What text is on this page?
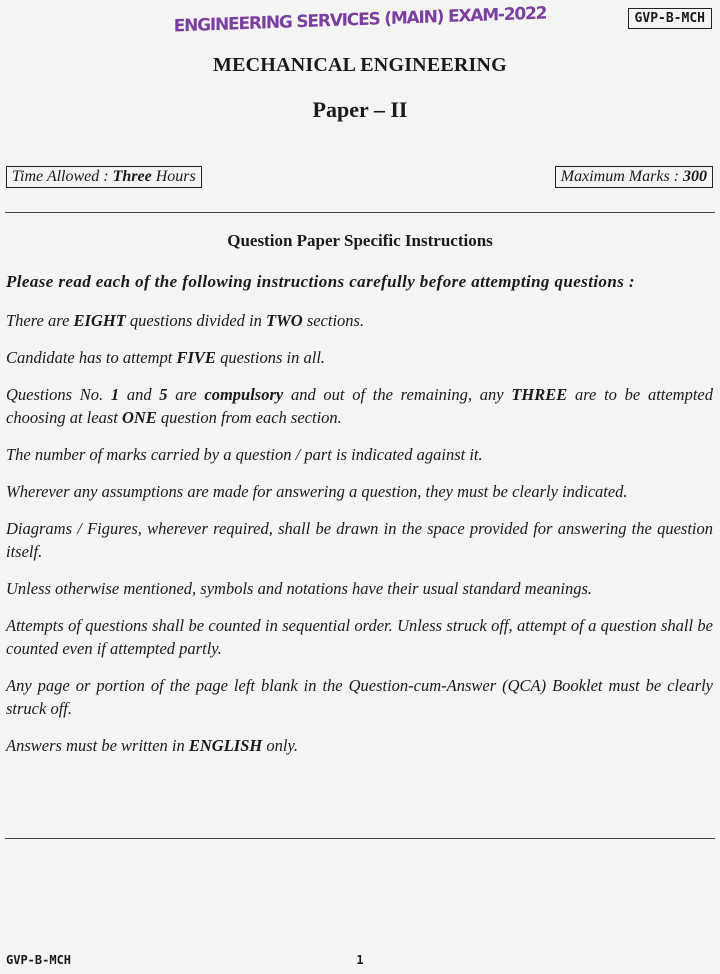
ENGINEERING SERVICES (MAIN) EXAM-2022	GVP-B-MCH
MECHANICAL ENGINEERING
Paper – II
Time Allowed : Three Hours	Maximum Marks : 300
Question Paper Specific Instructions

Please read each of the following instructions carefully before attempting questions :

There are EIGHT questions divided in TWO sections.

Candidate has to attempt FIVE questions in all.

Questions No. 1 and 5 are compulsory and out of the remaining, any THREE are to be attempted choosing at least ONE question from each section.

The number of marks carried by a question / part is indicated against it.

Wherever any assumptions are made for answering a question, they must be clearly indicated.

Diagrams / Figures, wherever required, shall be drawn in the space provided for answering the question itself.

Unless otherwise mentioned, symbols and notations have their usual standard meanings.

Attempts of questions shall be counted in sequential order. Unless struck off, attempt of a question shall be counted even if attempted partly.

Any page or portion of the page left blank in the Question-cum-Answer (QCA) Booklet must be clearly struck off.

Answers must be written in ENGLISH only.

GVP-B-MCH	1
